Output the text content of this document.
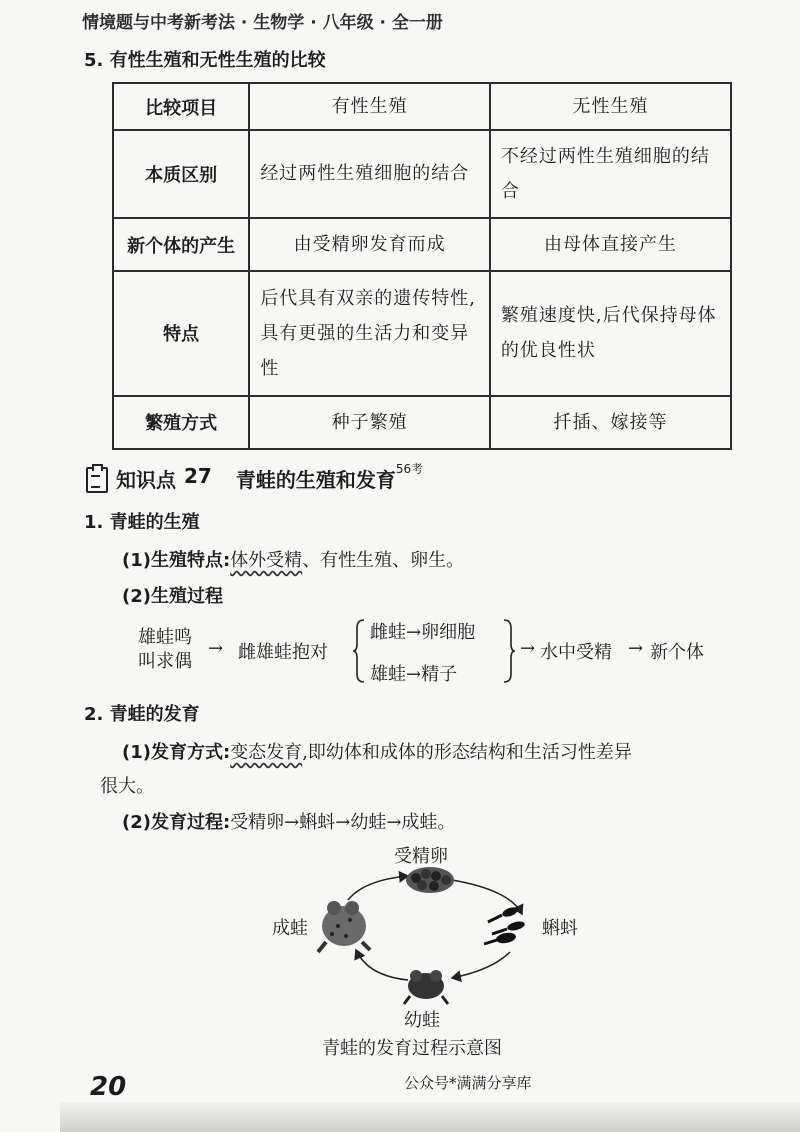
情境题与中考新考法 · 生物学 · 八年级 · 全一册
5. 有性生殖和无性生殖的比较
比较项目	有性生殖	无性生殖
本质区别	经过两性生殖细胞的结合	不经过两性生殖细胞的结合
新个体的产生	由受精卵发育而成	由母体直接产生
特点	后代具有双亲的遗传特性,具有更强的生活力和变异性	繁殖速度快,后代保持母体的优良性状
繁殖方式	种子繁殖	扦插、嫁接等
知识点 27 青蛙的生殖和发育$^{56考}$
1. 青蛙的生殖
(1)生殖特点:体外受精、有性生殖、卵生。
(2)生殖过程
雄蛙鸣
叫求偶
→ 雌雄蛙抱对
雌蛙→卵细胞
雄蛙→精子
→ 水中受精 → 新个体
2. 青蛙的发育
(1)发育方式:变态发育,即幼体和成体的形态结构和生活习性差异
很大。
(2)发育过程:受精卵→蝌蚪→幼蛙→成蛙。
受精卵
蝌蚪
幼蛙
成蛙
青蛙的发育过程示意图
20	公众号*满满分享库
